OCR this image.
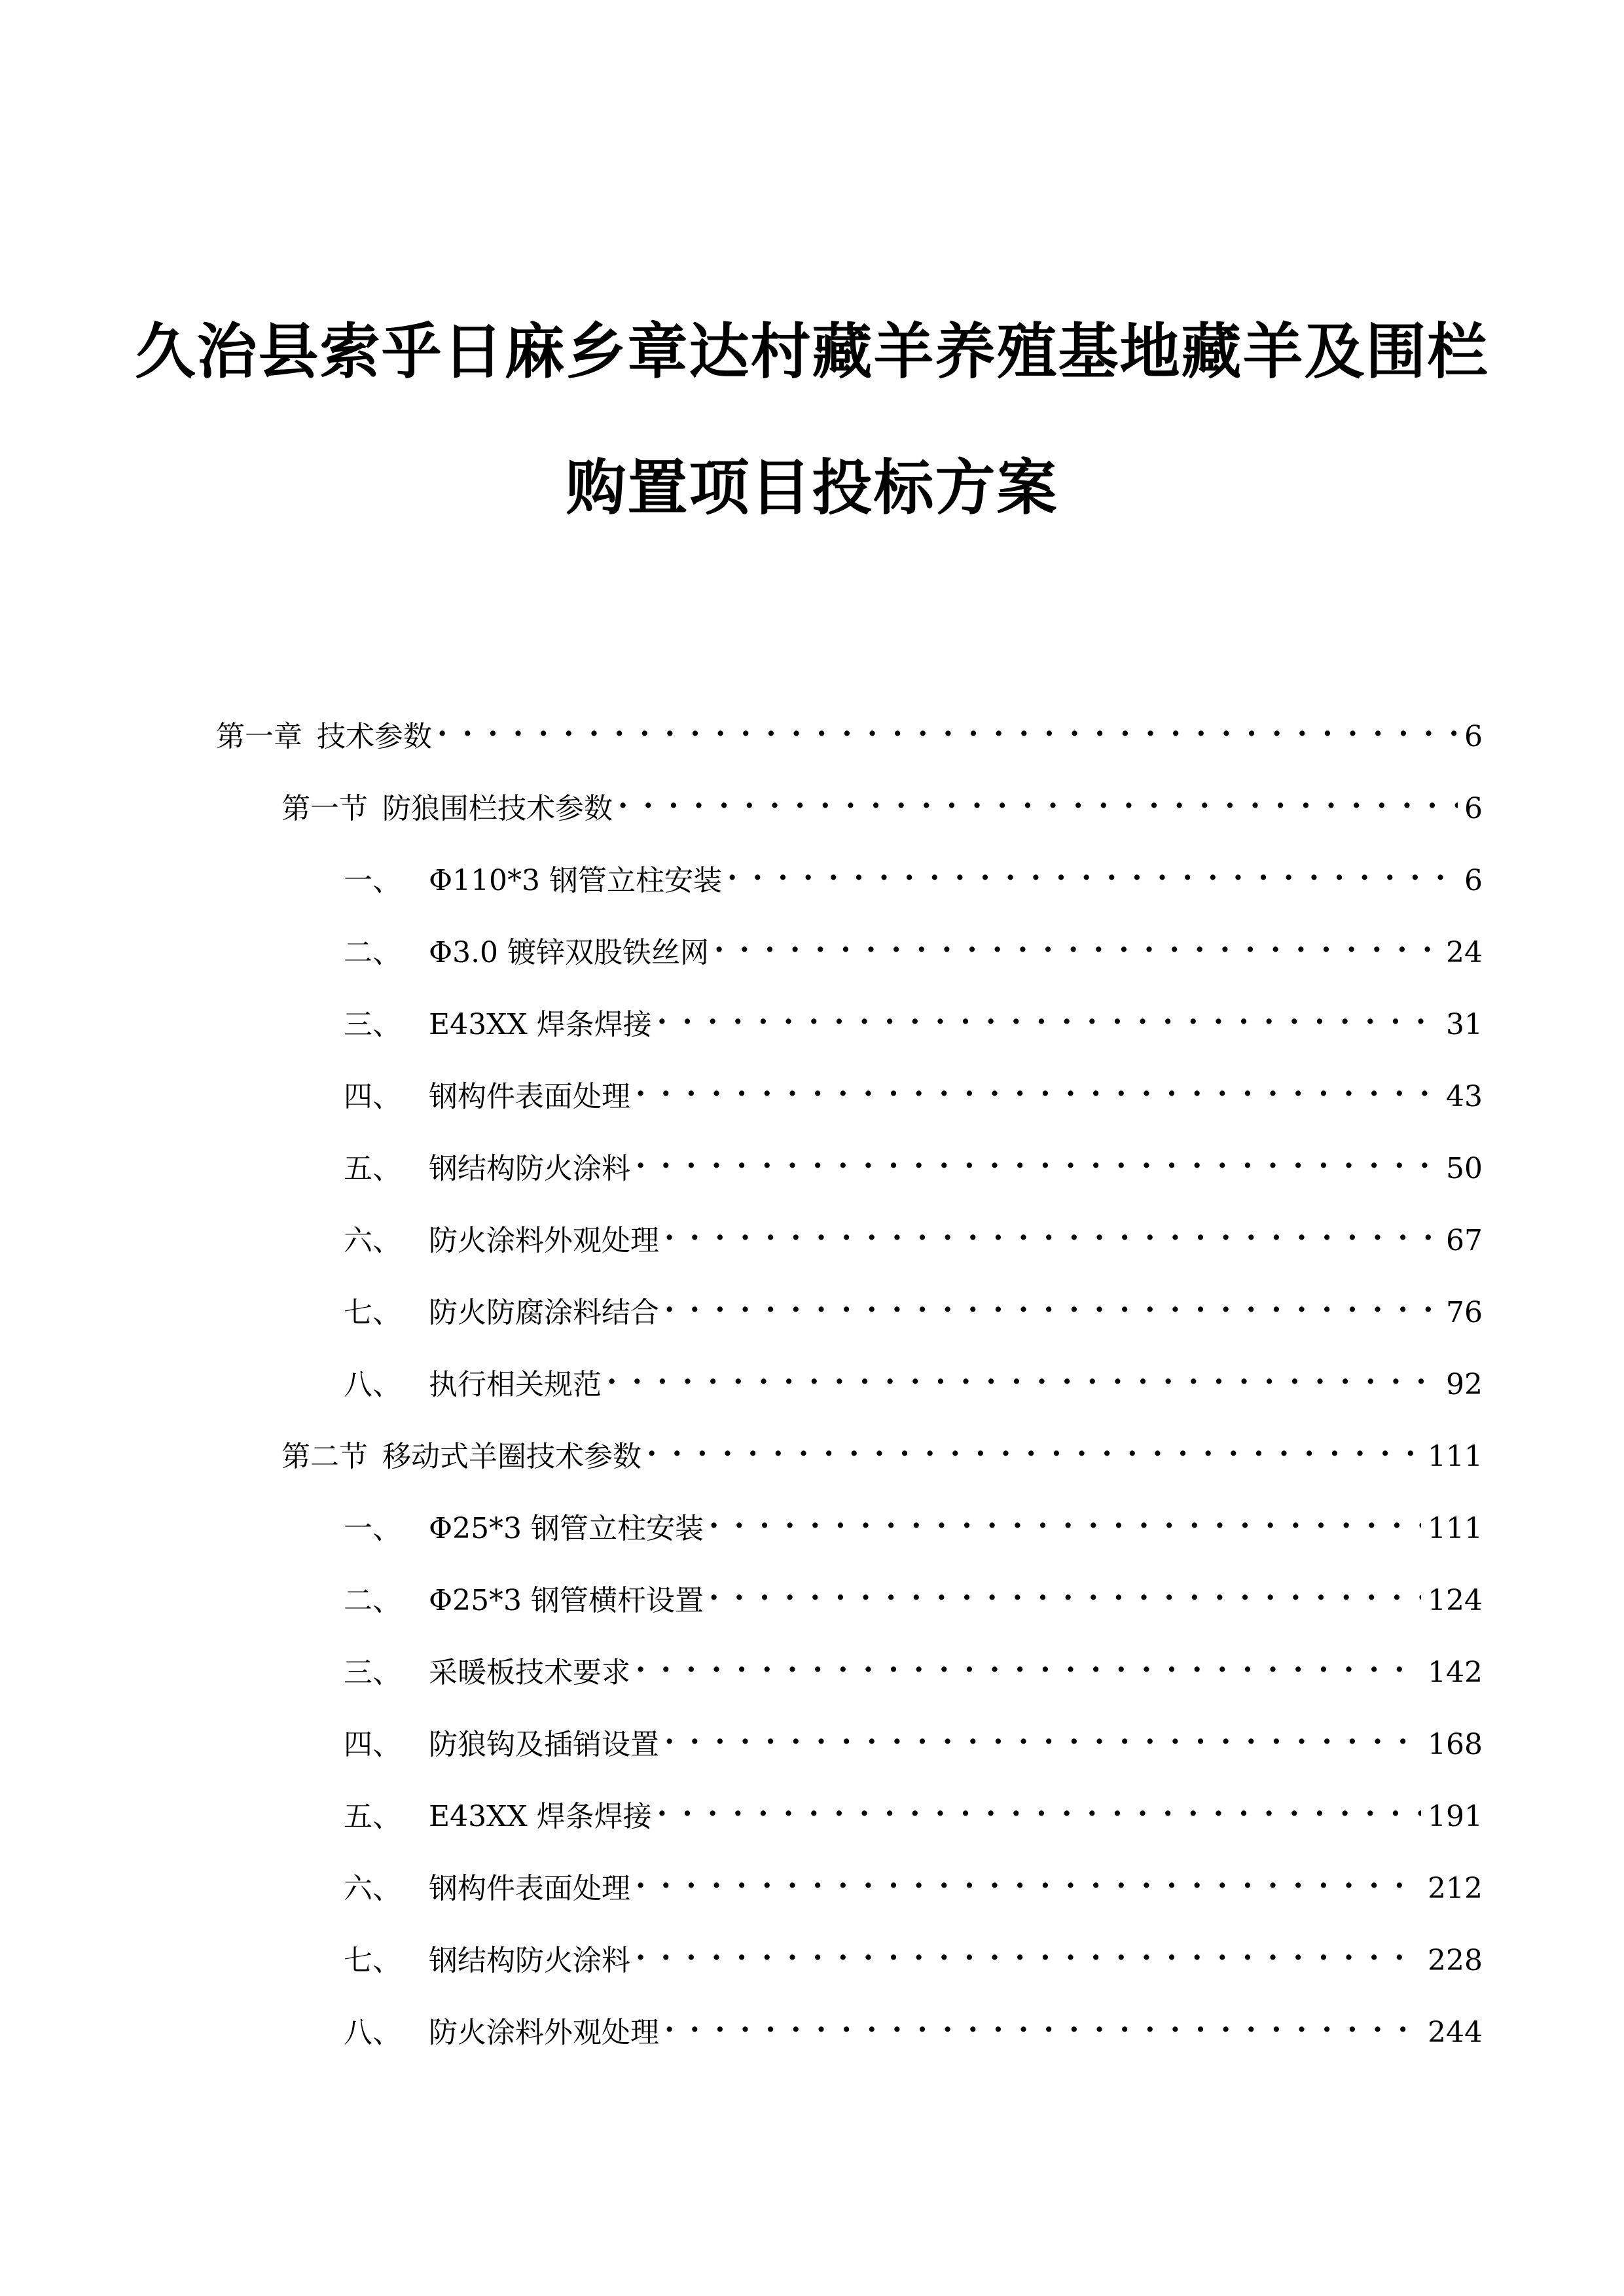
久治县索乎日麻乡章达村藏羊养殖基地藏羊及围栏
购置项目投标方案
第一章 技术参数 . . .	6
第一节 防狼围栏技术参数 . . .	6
一、 Φ110*3 钢管立柱安装 . . .	6
二、 Φ3.0 镀锌双股铁丝网 . . .	24
三、 E43XX 焊条焊接 . . .	31
四、 钢构件表面处理 . . .	43
五、 钢结构防火涂料 . . .	50
六、 防火涂料外观处理 . . .	67
七、 防火防腐涂料结合 . . .	76
八、 执行相关规范 . . .	92
第二节 移动式羊圈技术参数 . . .	111
一、 Φ25*3 钢管立柱安装 . . .	111
二、 Φ25*3 钢管横杆设置 . . .	124
三、 采暖板技术要求 . . .	142
四、 防狼钩及插销设置 . . .	168
五、 E43XX 焊条焊接 . . .	191
六、 钢构件表面处理 . . .	212
七、 钢结构防火涂料 . . .	228
八、 防火涂料外观处理 . . .	244
